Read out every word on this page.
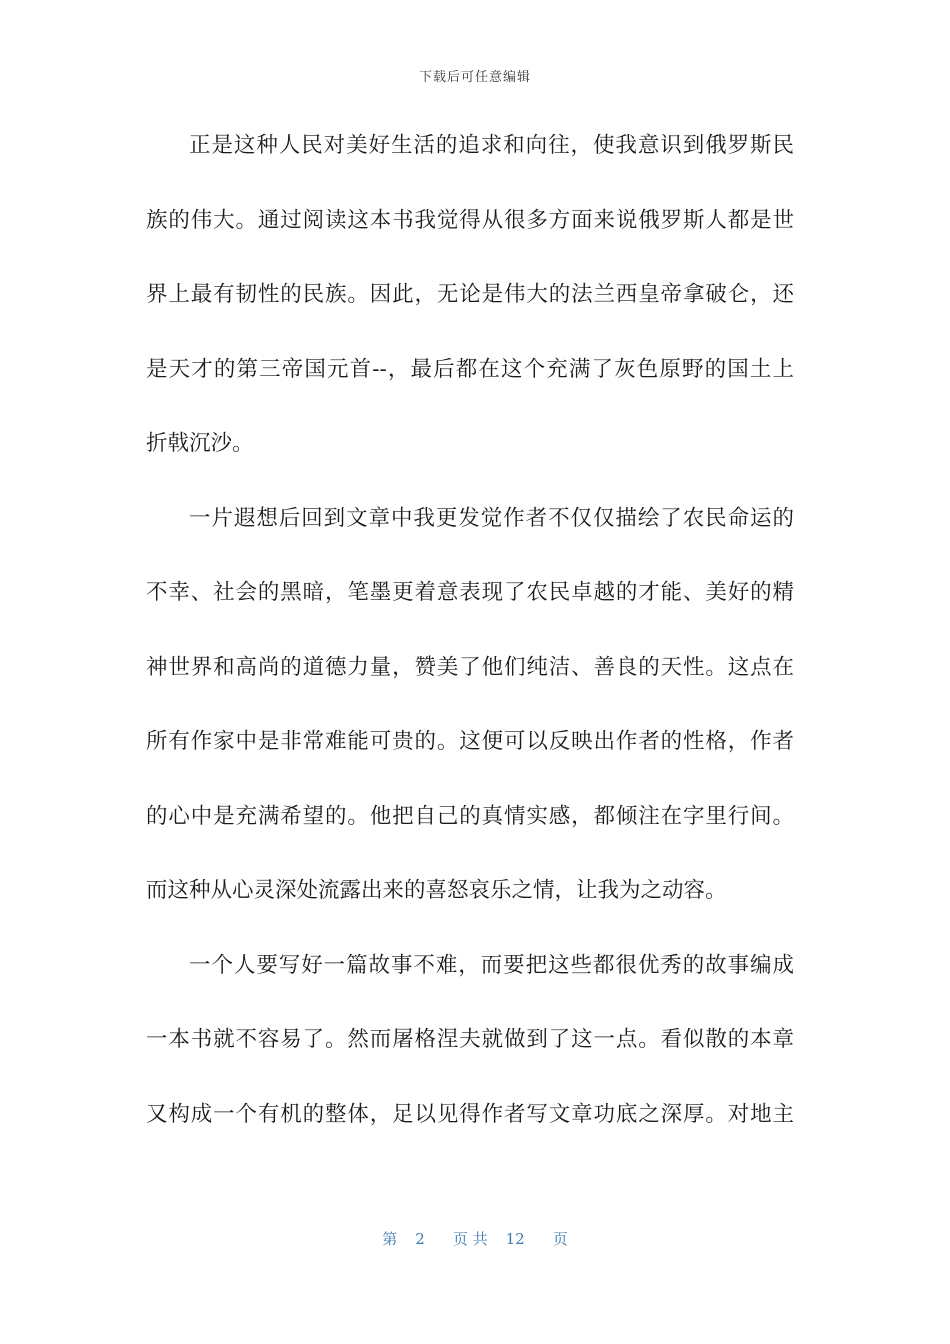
下载后可任意编辑
正是这种人民对美好生活的追求和向往，使我意识到俄罗斯民
族的伟大。通过阅读这本书我觉得从很多方面来说俄罗斯人都是世
界上最有韧性的民族。因此，无论是伟大的法兰西皇帝拿破仑，还
是天才的第三帝国元首--，最后都在这个充满了灰色原野的国土上
折戟沉沙。
一片遐想后回到文章中我更发觉作者不仅仅描绘了农民命运的
不幸、社会的黑暗，笔墨更着意表现了农民卓越的才能、美好的精
神世界和高尚的道德力量，赞美了他们纯洁、善良的天性。这点在
所有作家中是非常难能可贵的。这便可以反映出作者的性格，作者
的心中是充满希望的。他把自己的真情实感，都倾注在字里行间。
而这种从心灵深处流露出来的喜怒哀乐之情，让我为之动容。
一个人要写好一篇故事不难，而要把这些都很优秀的故事编成
一本书就不容易了。然而屠格涅夫就做到了这一点。看似散的本章
又构成一个有机的整体，足以见得作者写文章功底之深厚。对地主
第 2 页 共 12 页
